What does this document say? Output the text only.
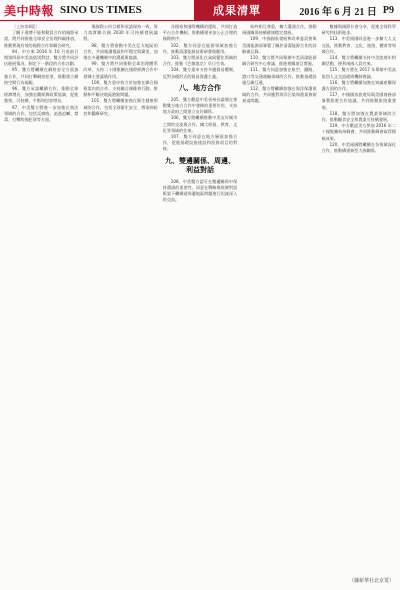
美中時報 SINO US TIMES	成果清單	2016 年 6 月 21 日 P9

（上接第8版）

了關于進博不能和動員合作的國際承諾，將共同推進全球安全治理和碳排放，推動實現有效的國際合作和聯合研究。

94、中方來 2016 年 10 月底前召開第四屆中美高級別對話，雙方將共同評估進展情况，制定下一階段的合作計劃。

95、雙方將繼續在網絡安全方面加強合作，共同打擊網絡犯罪，推動建立網絡空間行為規範。

96、雙方承諾繼續合作，推動全球經濟增長，加強宏觀經濟政策協調，促進強勁、可持續、平衡和包容增長。

97、中美雙方將進一步加強在執法領域的合作，包括反腐敗、追逃追贓、禁毒、打擊跨國犯罪等方面。

與國際公約目標和承諾保持一致，努力落實聯合國 2030 年可持續發展議程。

98、雙方將推動中美在亞太地區的合作，共同維護地區和平穩定與繁榮，加強在多邊機制中的溝通與協調。

99、雙方將共同推動全球治理體系改革，支持二十國集團在國際經濟合作中發揮主要論壇作用。

100、雙方重申致力於加強在聯合國框架內的合作，支持聯合國維和行動，推動和平解決地區熱點問題。

101、雙方將繼續加強在衛生健康領域的合作，包括全球衛生安全、傳染病防控和醫療研究。

各國家和國際機構的援助，共同打造平台合作機制，推動構建更加公正合理的國際秩序。

102、雙方同意在能源領域加強合作，推動清潔能源技術研發與應用。

103、雙方將深化在氣候變化領域的合作，推動《巴黎協定》早日生效。

104、雙方重申支持多邊貿易體制，反對各種形式的貿易保護主義。

八、地方合作

105、雙方歡迎中美省州長論壇在推動雙方地方合作中發揮的重要作用，支持地方政府之間建立友好關係。

106、雙方將繼續推動中美友好城市之間的交流與合作，擴大經貿、教育、文化等領域的往來。

107、雙方同意在地方層面加強合作，促進基礎設施建設和投資項目的對接。

九、雙邊關係、周邊、利益對話

108、中美雙方認可在雙邊關係中保持溝通的重要性，同意在戰略與經濟對話框架下繼續就周邊地區問題進行坦誠深入的交流。

始終相互尊重，擴大溝通合作，推動兩國關係持續健康穩定發展。

109、中國國家發展和改革委員會與美國能源部簽署了關於清潔能源合作的諒解備忘錄。

110、雙方將共同舉辦中美清潔能源聯合研究中心會議，推進相關項目實施。

111、雙方同意加強在航空、鐵路、港口等交通運輸領域的合作，推動基礎設施互聯互通。

112、雙方將繼續加強在海洋保護領域的合作，共同應對海洋污染和漁業資源衰退問題。

數據與國際社會分享，促進全球科學研究和技術進步。

113、中美兩國同意進一步擴大人文交流，推動教育、文化、旅遊、體育等領域合作。

114、雙方將繼續支持中美旅遊年相關活動，便利兩國人員往來。

115、雙方將在 2017 年舉辦中美高級別人文交流磋商機制會議。

116、雙方將繼續加強在知識產權保護方面的合作。

117、中國國家旅遊局與美國商務部簽署旅遊合作協議，共同推動旅遊業發展。

118、雙方將加強在農業領域的合作，推動糧食安全和農業可持續發展。

119、中方歡迎美方參加 2016 年二十國集團杭州峰會，共同推動峰會取得積極成果。

120、中美兩國將繼續在各領域深化合作，推動構建新型大國關係。

（據新華社北京電）
